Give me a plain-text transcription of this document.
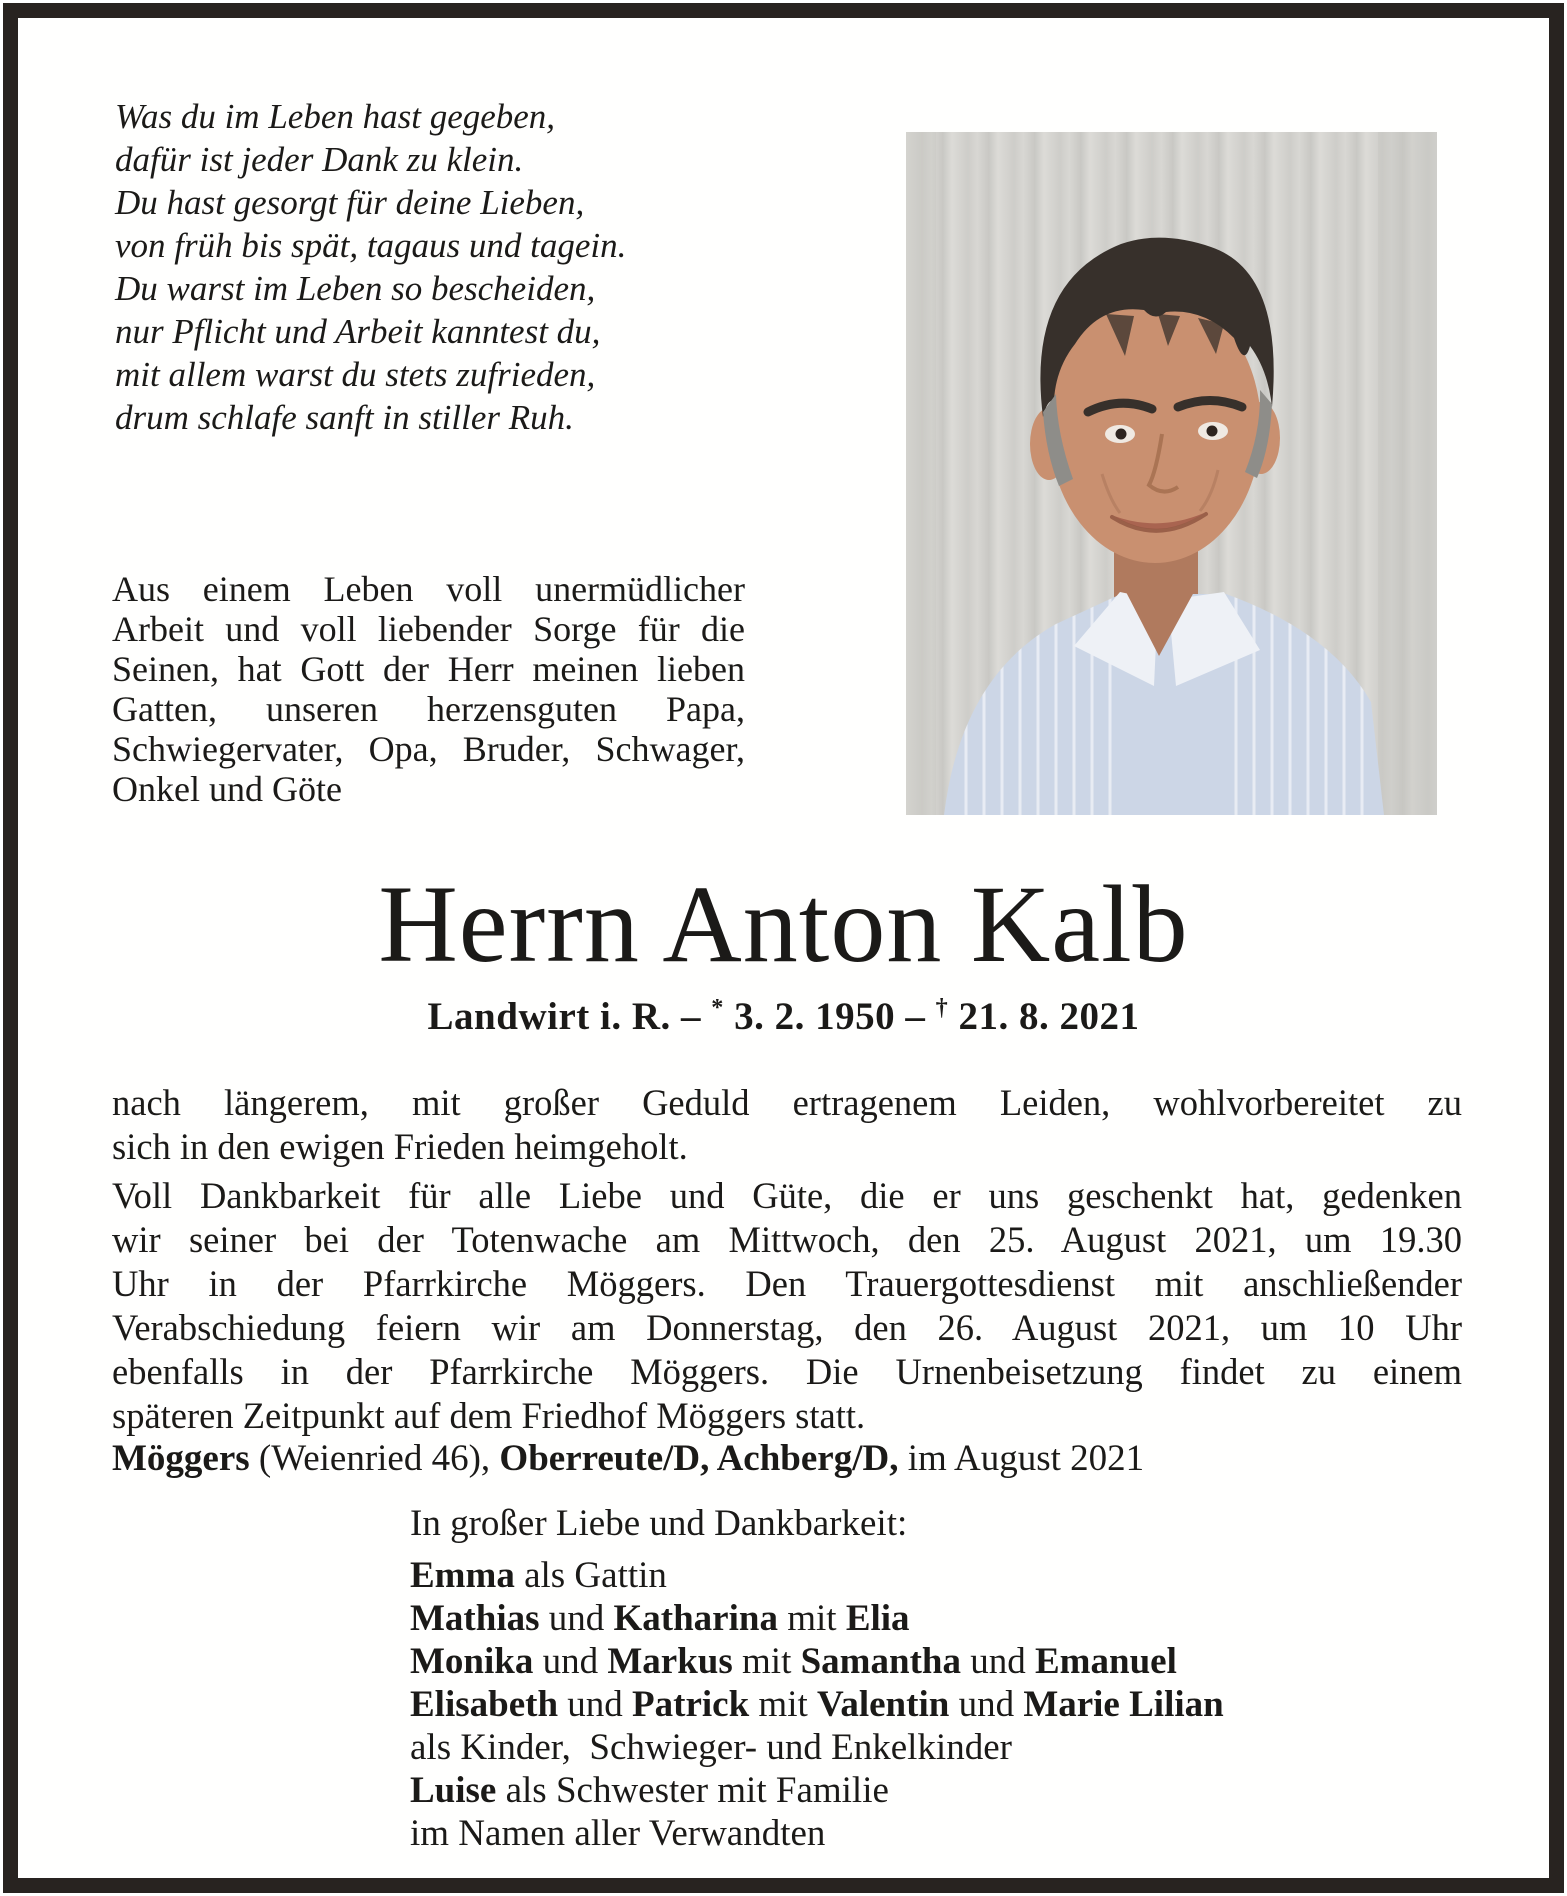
Was du im Leben hast gegeben,
dafür ist jeder Dank zu klein.
Du hast gesorgt für deine Lieben,
von früh bis spät, tagaus und tagein.
Du warst im Leben so bescheiden,
nur Pflicht und Arbeit kanntest du,
mit allem warst du stets zufrieden,
drum schlafe sanft in stiller Ruh.
Aus einem Leben voll unermüdlicher
Arbeit und voll liebender Sorge für die
Seinen, hat Gott der Herr meinen lieben
Gatten, unseren herzensguten Papa,
Schwiegervater, Opa, Bruder, Schwager,
Onkel und Göte
Herrn Anton Kalb
Landwirt i. R. – * 3. 2. 1950 – † 21. 8. 2021
nach längerem, mit großer Geduld ertragenem Leiden, wohlvorbereitet zu
sich in den ewigen Frieden heimgeholt.
Voll Dankbarkeit für alle Liebe und Güte, die er uns geschenkt hat, gedenken
wir seiner bei der Totenwache am Mittwoch, den 25. August 2021, um 19.30
Uhr in der Pfarrkirche Möggers. Den Trauergottesdienst mit anschließender
Verabschiedung feiern wir am Donnerstag, den 26. August 2021, um 10 Uhr
ebenfalls in der Pfarrkirche Möggers. Die Urnenbeisetzung findet zu einem
späteren Zeitpunkt auf dem Friedhof Möggers statt.
Möggers (Weienried 46), Oberreute/D, Achberg/D, im August 2021
In großer Liebe und Dankbarkeit:
Emma als Gattin
Mathias und Katharina mit Elia
Monika und Markus mit Samantha und Emanuel
Elisabeth und Patrick mit Valentin und Marie Lilian
als Kinder,  Schwieger- und Enkelkinder
Luise als Schwester mit Familie
im Namen aller Verwandten
